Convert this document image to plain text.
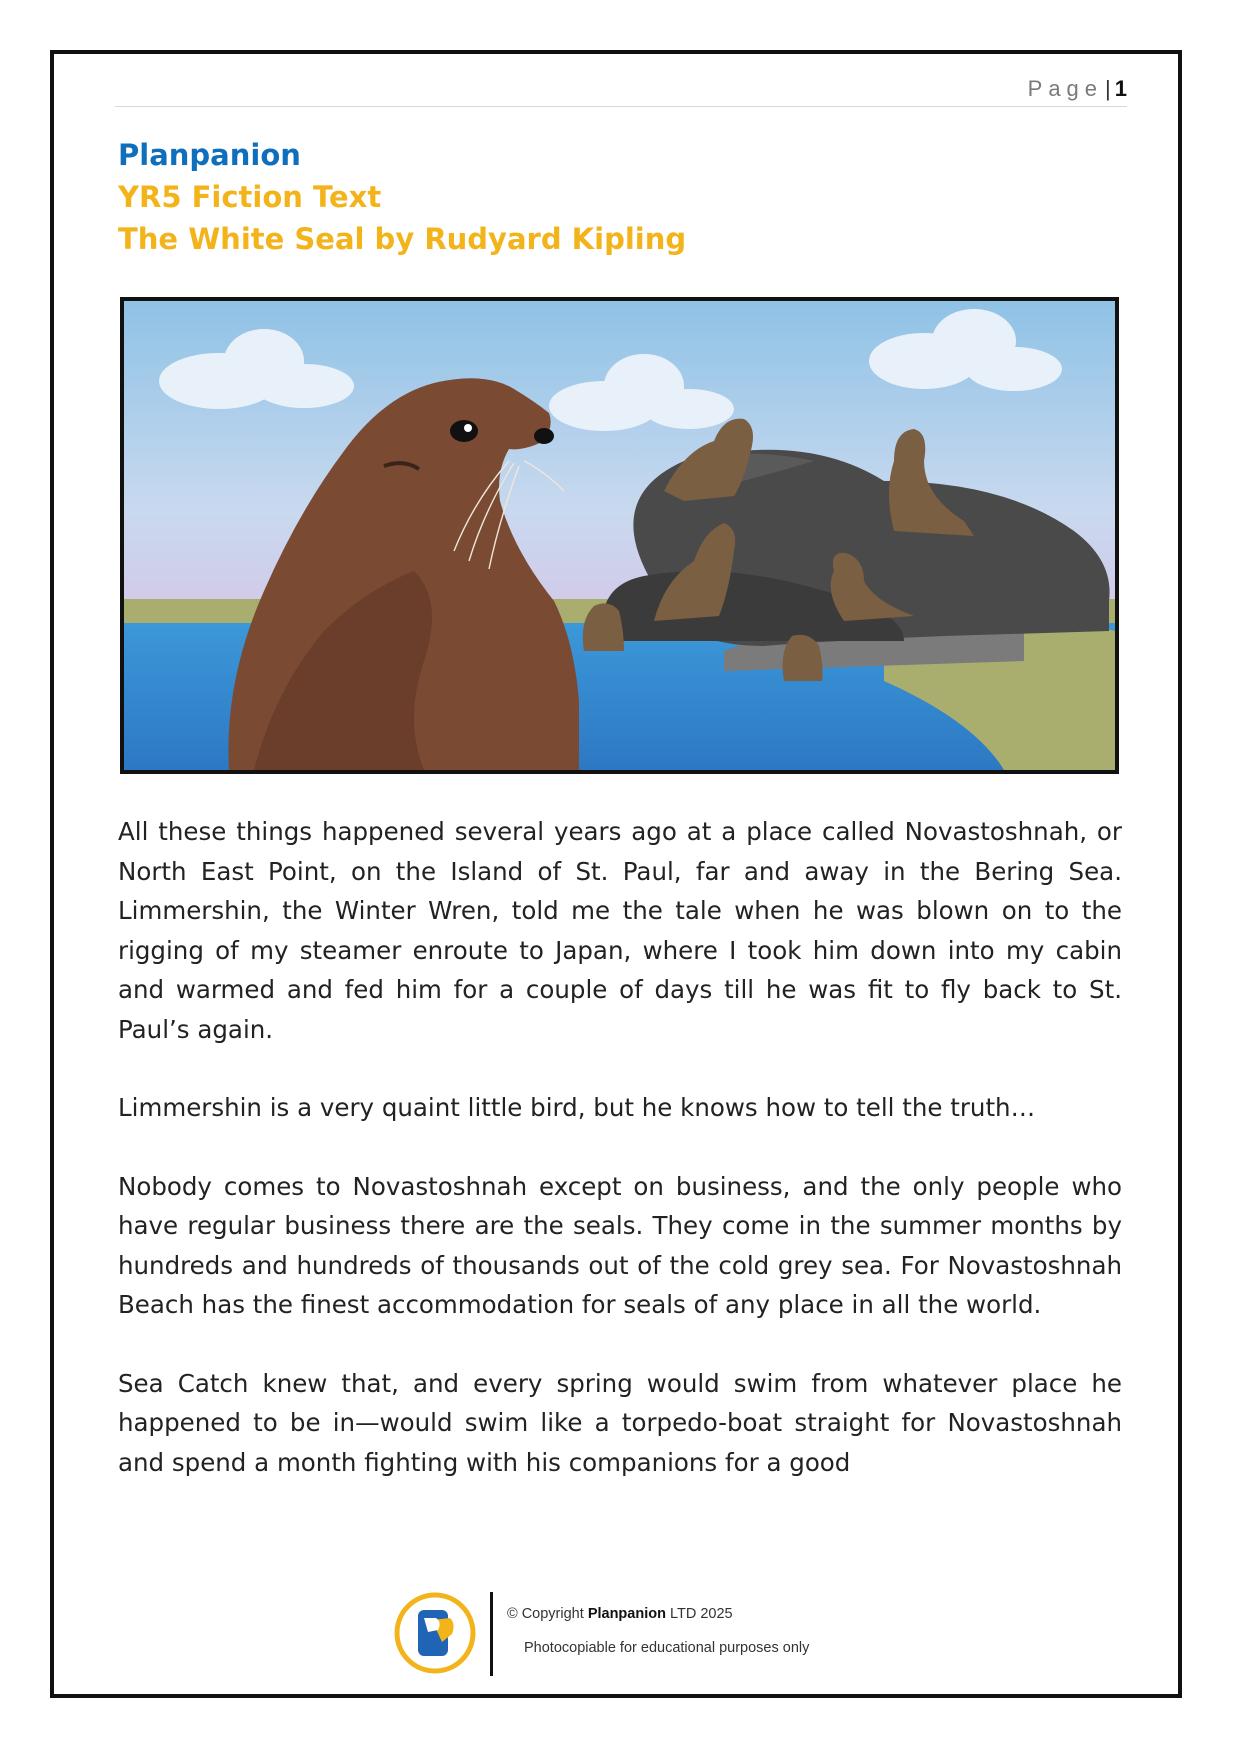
Page| 1
Planpanion
YR5 Fiction Text
The White Seal by Rudyard Kipling

All these things happened several years ago at a place called Novastoshnah, or North East Point, on the Island of St. Paul, far and away in the Bering Sea. Limmershin, the Winter Wren, told me the tale when he was blown on to the rigging of my steamer enroute to Japan, where I took him down into my cabin and warmed and fed him for a couple of days till he was fit to fly back to St. Paul’s again.

Limmershin is a very quaint little bird, but he knows how to tell the truth…

Nobody comes to Novastoshnah except on business, and the only people who have regular business there are the seals. They come in the summer months by hundreds and hundreds of thousands out of the cold grey sea. For Novastoshnah Beach has the finest accommodation for seals of any place in all the world.

Sea Catch knew that, and every spring would swim from whatever place he happened to be in—would swim like a torpedo-boat straight for Novastoshnah and spend a month fighting with his companions for a good

© Copyright Planpanion LTD 2025
Photocopiable for educational purposes only
